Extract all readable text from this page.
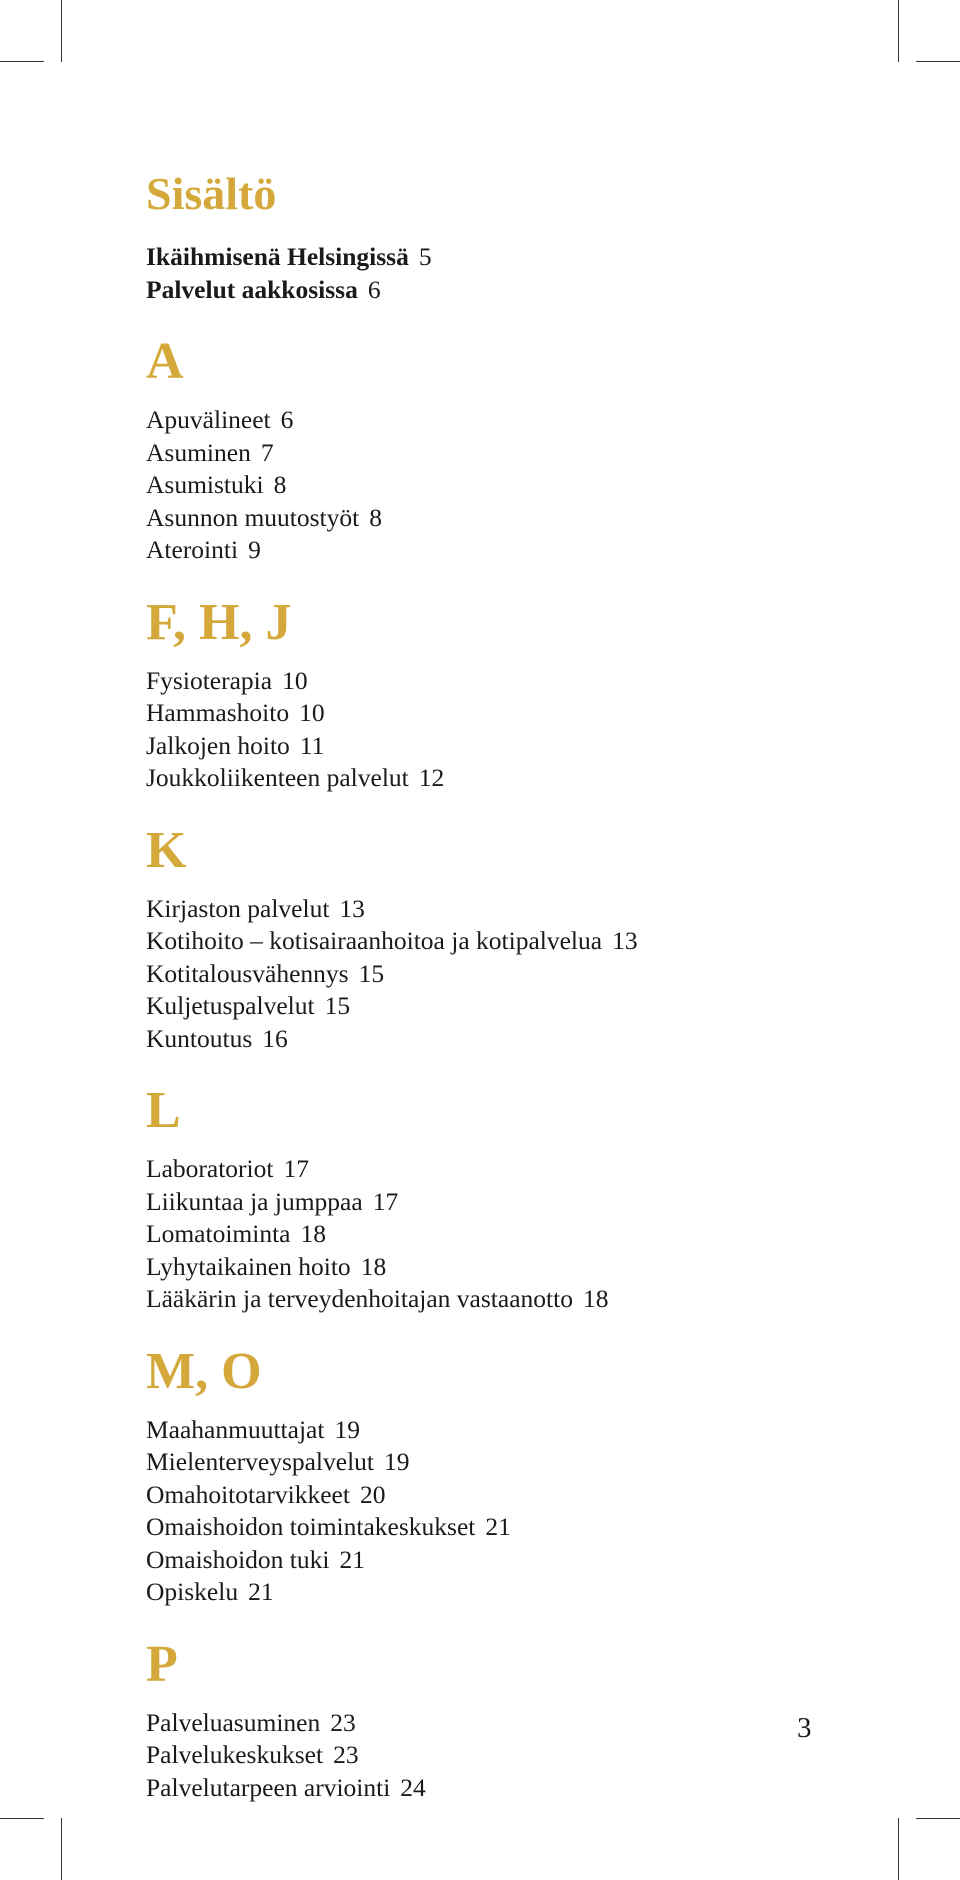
Sisältö
Ikäihmisenä Helsingissä 5
Palvelut aakkosissa 6
A
Apuvälineet 6
Asuminen 7
Asumistuki 8
Asunnon muutostyöt 8
Aterointi 9
F, H, J
Fysioterapia 10
Hammashoito 10
Jalkojen hoito 11
Joukkoliikenteen palvelut 12
K
Kirjaston palvelut 13
Kotihoito – kotisairaanhoitoa ja kotipalvelua 13
Kotitalousvähennys 15
Kuljetuspalvelut 15
Kuntoutus 16
L
Laboratoriot 17
Liikuntaa ja jumppaa 17
Lomatoiminta 18
Lyhytaikainen hoito 18
Lääkärin ja terveydenhoitajan vastaanotto 18
M, O
Maahanmuuttajat 19
Mielenterveyspalvelut 19
Omahoitotarvikkeet 20
Omaishoidon toimintakeskukset 21
Omaishoidon tuki 21
Opiskelu 21
P
Palveluasuminen 23
Palvelukeskukset 23
Palvelutarpeen arviointi 24
3
